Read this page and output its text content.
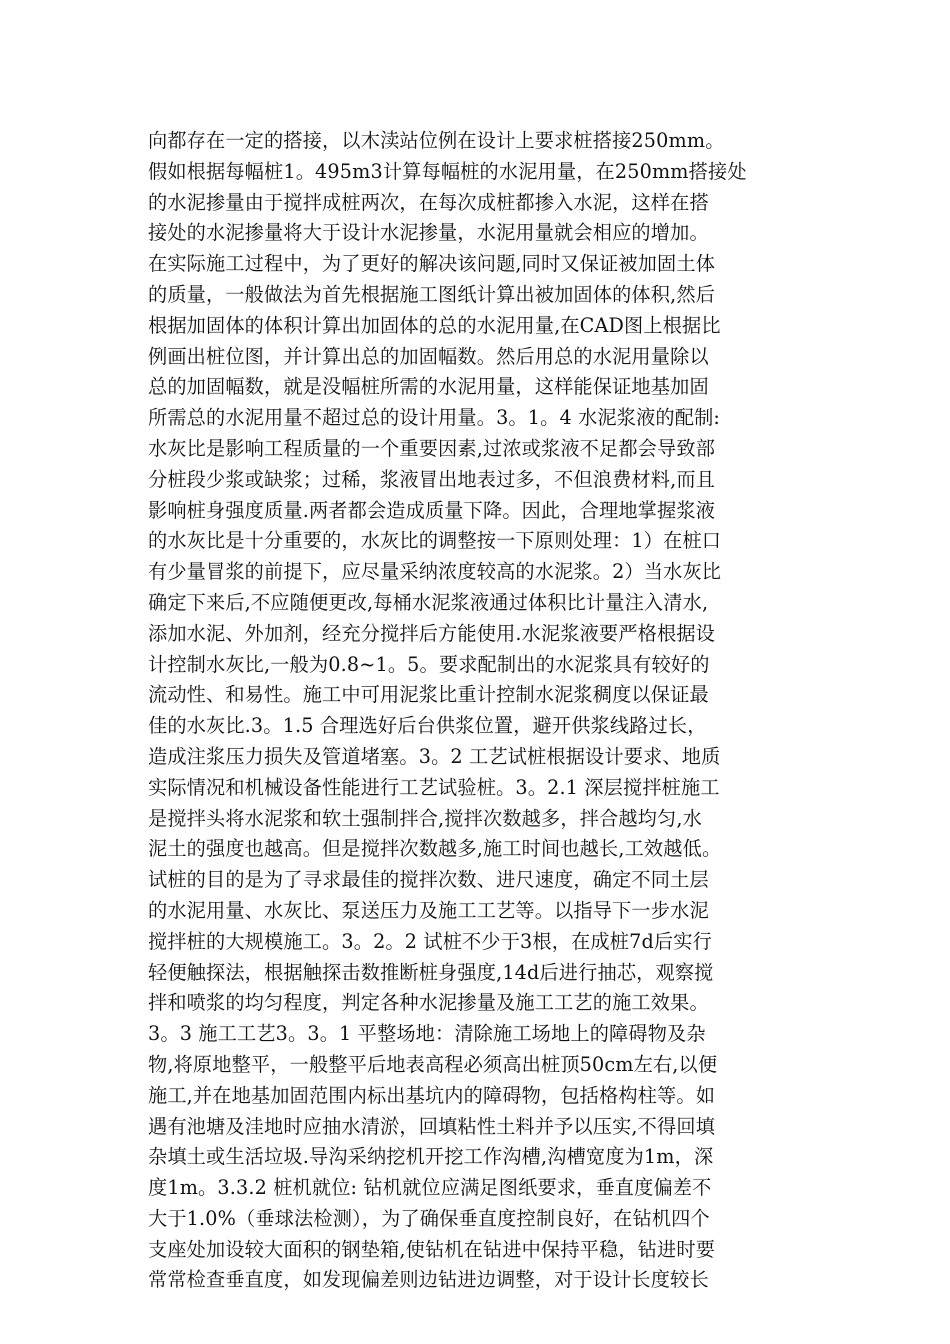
向都存在一定的搭接，以木渎站位例在设计上要求桩搭接250mm。
假如根据每幅桩1。495m3计算每幅桩的水泥用量，在250mm搭接处
的水泥掺量由于搅拌成桩两次，在每次成桩都掺入水泥，这样在搭
接处的水泥掺量将大于设计水泥掺量，水泥用量就会相应的增加。
在实际施工过程中，为了更好的解决该问题,同时又保证被加固土体
的质量，一般做法为首先根据施工图纸计算出被加固体的体积,然后
根据加固体的体积计算出加固体的总的水泥用量,在CAD图上根据比
例画出桩位图，并计算出总的加固幅数。然后用总的水泥用量除以
总的加固幅数，就是没幅桩所需的水泥用量，这样能保证地基加固
所需总的水泥用量不超过总的设计用量。3。1。4 水泥浆液的配制:
水灰比是影响工程质量的一个重要因素,过浓或浆液不足都会导致部
分桩段少浆或缺浆；过稀，浆液冒出地表过多，不但浪费材料,而且
影响桩身强度质量.两者都会造成质量下降。因此，合理地掌握浆液
的水灰比是十分重要的，水灰比的调整按一下原则处理：1）在桩口
有少量冒浆的前提下，应尽量采纳浓度较高的水泥浆。2）当水灰比
确定下来后,不应随便更改,每桶水泥浆液通过体积比计量注入清水,
添加水泥、外加剂，经充分搅拌后方能使用.水泥浆液要严格根据设
计控制水灰比,一般为0.8~1。5。要求配制出的水泥浆具有较好的
流动性、和易性。施工中可用泥浆比重计控制水泥浆稠度以保证最
佳的水灰比.3。1.5 合理选好后台供浆位置，避开供浆线路过长，
造成注浆压力损失及管道堵塞。3。2 工艺试桩根据设计要求、地质
实际情况和机械设备性能进行工艺试验桩。3。2.1 深层搅拌桩施工
是搅拌头将水泥浆和软土强制拌合,搅拌次数越多，拌合越均匀,水
泥土的强度也越高。但是搅拌次数越多,施工时间也越长,工效越低。
试桩的目的是为了寻求最佳的搅拌次数、进尺速度，确定不同土层
的水泥用量、水灰比、泵送压力及施工工艺等。以指导下一步水泥
搅拌桩的大规模施工。3。2。2 试桩不少于3根，在成桩7d后实行
轻便触探法，根据触探击数推断桩身强度,14d后进行抽芯，观察搅
拌和喷浆的均匀程度，判定各种水泥掺量及施工工艺的施工效果。
3。3 施工工艺3。3。1 平整场地：清除施工场地上的障碍物及杂
物,将原地整平，一般整平后地表高程必须高出桩顶50cm左右,以便
施工,并在地基加固范围内标出基坑内的障碍物，包括格构柱等。如
遇有池塘及洼地时应抽水清淤，回填粘性土料并予以压实,不得回填
杂填土或生活垃圾.导沟采纳挖机开挖工作沟槽,沟槽宽度为1m，深
度1m。3.3.2 桩机就位: 钻机就位应满足图纸要求，垂直度偏差不
大于1.0%（垂球法检测），为了确保垂直度控制良好，在钻机四个
支座处加设较大面积的钢垫箱,使钻机在钻进中保持平稳，钻进时要
常常检查垂直度，如发现偏差则边钻进边调整，对于设计长度较长
